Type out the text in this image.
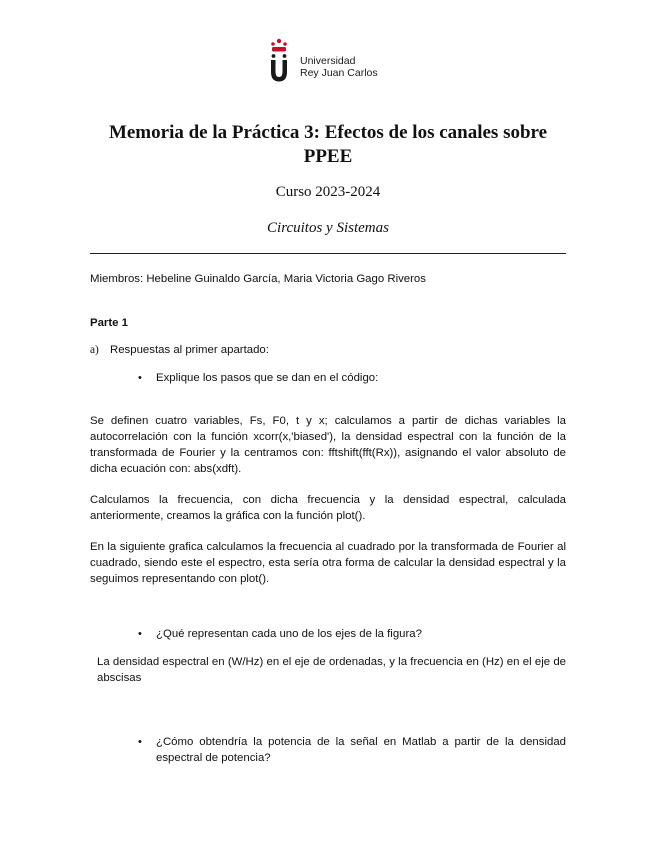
Universidad
Rey Juan Carlos
Memoria de la Práctica 3: Efectos de los canales sobre PPEE
Curso 2023-2024
Circuitos y Sistemas
Miembros: Hebeline Guinaldo García, Maria Victoria Gago Riveros
Parte 1
a) Respuestas al primer apartado:
•	Explique los pasos que se dan en el código:
Se definen cuatro variables, Fs, F0, t y x; calculamos a partir de dichas variables la autocorrelación con la función xcorr(x,'biased'), la densidad espectral con la función de la transformada de Fourier y la centramos con: fftshift(fft(Rx)), asignando el valor absoluto de dicha ecuación con: abs(xdft).
Calculamos la frecuencia, con dicha frecuencia y la densidad espectral, calculada anteriormente, creamos la gráfica con la función plot().
En la siguiente grafica calculamos la frecuencia al cuadrado por la transformada de Fourier al cuadrado, siendo este el espectro, esta sería otra forma de calcular la densidad espectral y la seguimos representando con plot().
•	¿Qué representan cada uno de los ejes de la figura?
La densidad espectral en (W/Hz) en el eje de ordenadas, y la frecuencia en (Hz) en el eje de abscisas
•	¿Cómo obtendría la potencia de la señal en Matlab a partir de la densidad espectral de potencia?
